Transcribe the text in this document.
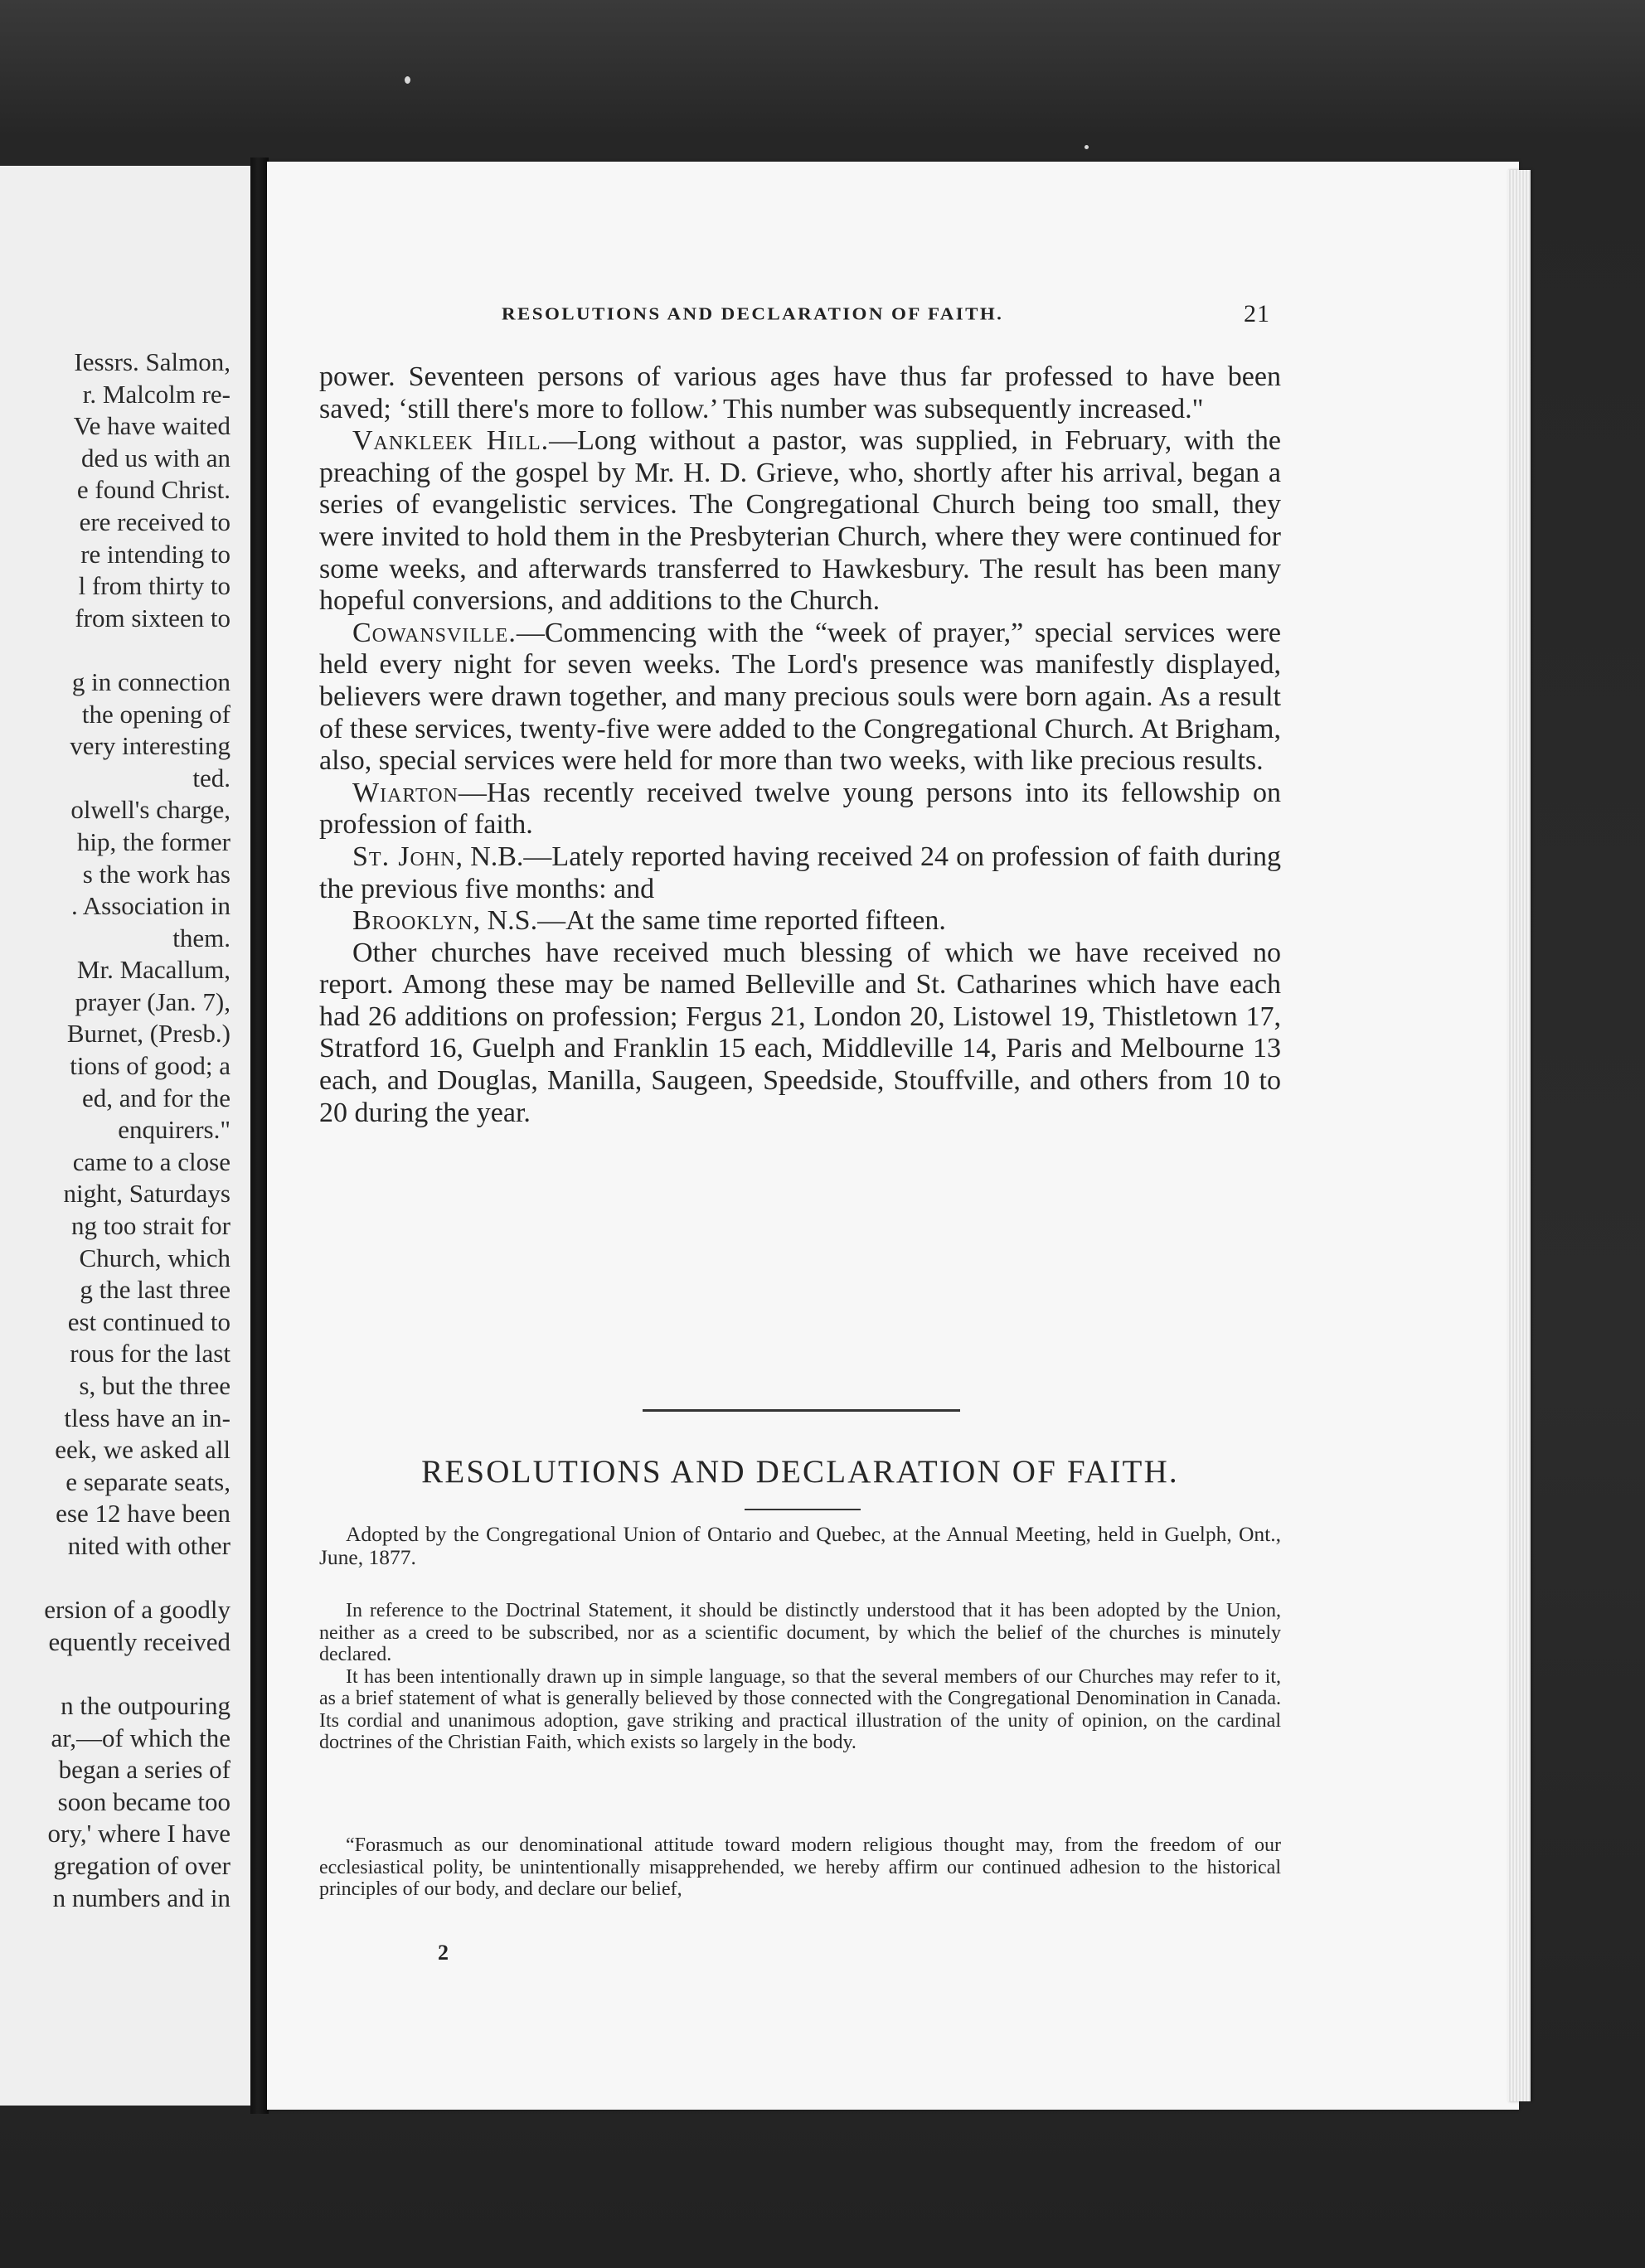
Iessrs. Salmon,
r. Malcolm re-
Ve have waited
ded us with an
e found Christ.
ere received to
re intending to
l from thirty to
from sixteen to
g in connection
the opening of
very interesting
ted.
olwell's charge,
hip, the former
s the work has
. Association in
them.
Mr. Macallum,
prayer (Jan. 7),
Burnet, (Presb.)
tions of good; a
ed, and for the
enquirers."
came to a close
night, Saturdays
ng too strait for
Church, which
g the last three
est continued to
rous for the last
s, but the three
tless have an in-
eek, we asked all
e separate seats,
ese 12 have been
nited with other
ersion of a goodly
equently received
n the outpouring
ar,—of which the
began a series of
soon became too
ory,' where I have
gregation of over
n numbers and in
RESOLUTIONS AND DECLARATION OF FAITH.	21

power. Seventeen persons of various ages have thus far professed to have been saved; ‘still there's more to follow.’ This number was subsequently increased."

Vankleek Hill.—Long without a pastor, was supplied, in February, with the preaching of the gospel by Mr. H. D. Grieve, who, shortly after his arrival, began a series of evangelistic services. The Congregational Church being too small, they were invited to hold them in the Presbyterian Church, where they were continued for some weeks, and afterwards transferred to Hawkesbury. The result has been many hopeful conversions, and additions to the Church.

Cowansville.—Commencing with the “week of prayer,” special services were held every night for seven weeks. The Lord's presence was manifestly displayed, believers were drawn together, and many precious souls were born again. As a result of these services, twenty-five were added to the Congregational Church. At Brigham, also, special services were held for more than two weeks, with like precious results.

Wiarton—Has recently received twelve young persons into its fellowship on profession of faith.

St. John, N.B.—Lately reported having received 24 on profession of faith during the previous five months: and

Brooklyn, N.S.—At the same time reported fifteen.

Other churches have received much blessing of which we have received no report. Among these may be named Belleville and St. Catharines which have each had 26 additions on profession; Fergus 21, London 20, Listowel 19, Thistletown 17, Stratford 16, Guelph and Franklin 15 each, Middleville 14, Paris and Melbourne 13 each, and Douglas, Manilla, Saugeen, Speedside, Stouffville, and others from 10 to 20 during the year.

RESOLUTIONS AND DECLARATION OF FAITH.
Adopted by the Congregational Union of Ontario and Quebec, at the Annual Meeting, held in Guelph, Ont., June, 1877.

In reference to the Doctrinal Statement, it should be distinctly understood that it has been adopted by the Union, neither as a creed to be subscribed, nor as a scientific document, by which the belief of the churches is minutely declared.

It has been intentionally drawn up in simple language, so that the several members of our Churches may refer to it, as a brief statement of what is generally believed by those connected with the Congregational Denomination in Canada. Its cordial and unanimous adoption, gave striking and practical illustration of the unity of opinion, on the cardinal doctrines of the Christian Faith, which exists so largely in the body.

“Forasmuch as our denominational attitude toward modern religious thought may, from the freedom of our ecclesiastical polity, be unintentionally misapprehended, we hereby affirm our continued adhesion to the historical principles of our body, and declare our belief,

2
